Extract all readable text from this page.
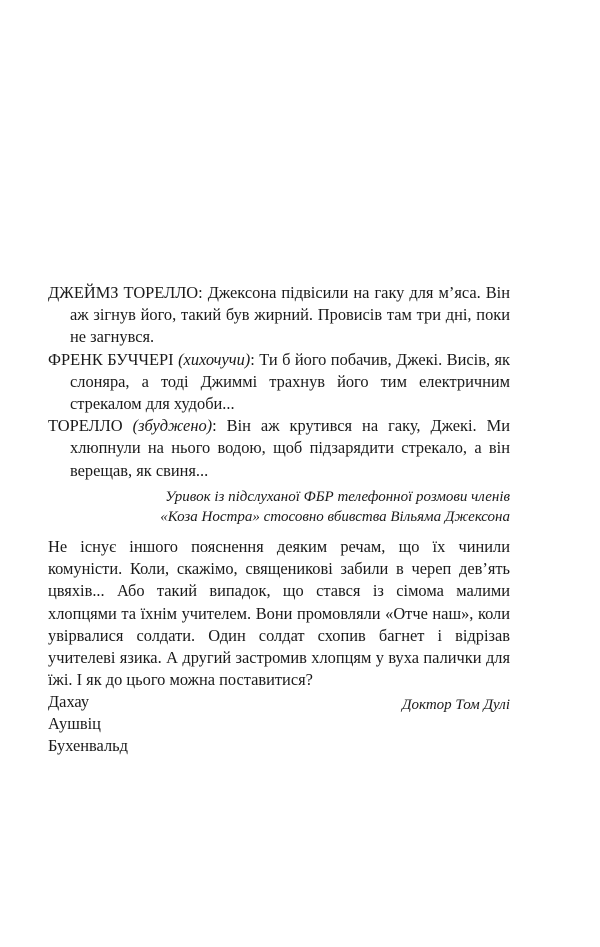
ДЖЕЙМЗ ТОРЕЛЛО: Джексона підвісили на гаку для м’яса. Він аж зігнув його, такий був жирний. Провисів там три дні, поки не загнувся.

ФРЕНК БУЧЧЕРІ (хихочучи): Ти б його побачив, Джекі. Висів, як слоняра, а тоді Джиммі трахнув його тим електричним стрекалом для худоби...

ТОРЕЛЛО (збуджено): Він аж крутився на гаку, Джекі. Ми хлюпнули на нього водою, щоб підзарядити стрекало, а він верещав, як свиня...

Уривок із підслуханої ФБР телефонної розмови членів
«Коза Ностра» стосовно вбивства Вільяма Джексона

Не існує іншого пояснення деяким речам, що їх чинили комуністи. Коли, скажімо, священикові забили в череп дев’ять цвяхів... Або такий випадок, що стався із сімома малими хлопцями та їхнім учителем. Вони промовляли «Отче наш», коли увірвалися солдати. Один солдат схопив багнет і відрізав учителеві язика. А другий застромив хлопцям у вуха палички для їжі. І як до цього можна поставитися?

Доктор Том Дулі
Дахау
Аушвіц
Бухенвальд
